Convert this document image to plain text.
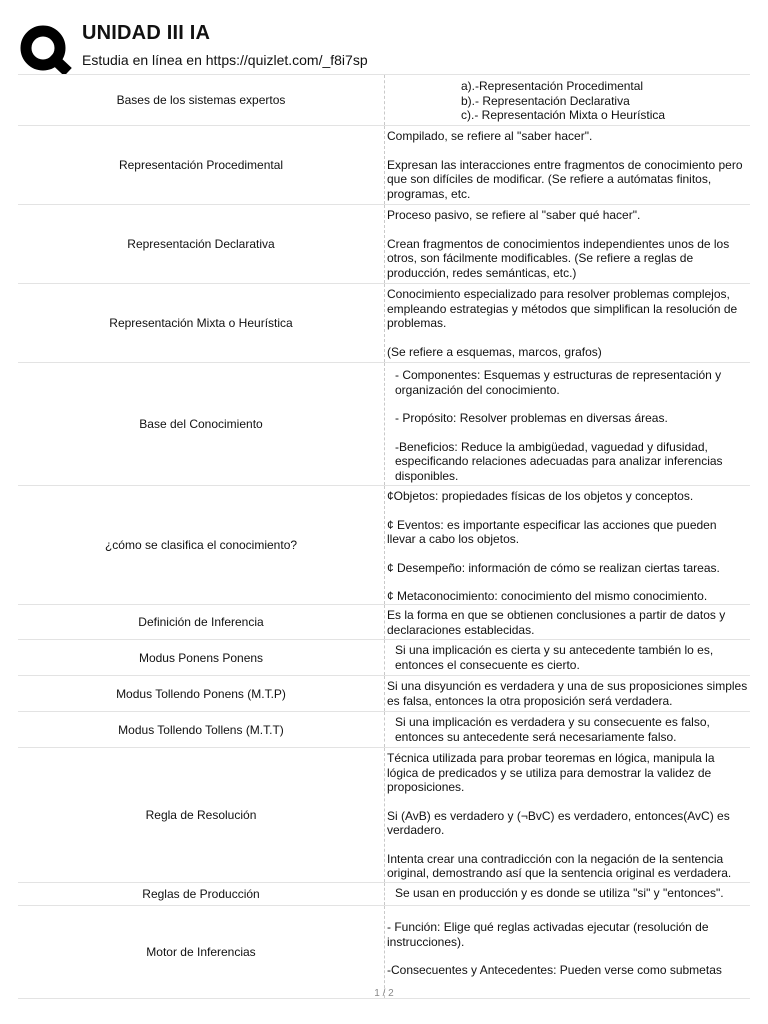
UNIDAD III IA
Estudia en línea en https://quizlet.com/_f8i7sp
Bases de los sistemas expertos

a).-Representación Procedimental
b).- Representación Declarativa
c).- Representación Mixta o Heurística

Representación Procedimental

Compilado, se refiere al "saber hacer".

Expresan las interacciones entre fragmentos de conocimiento pero que son difíciles de modificar. (Se refiere a autómatas finitos, programas, etc.

Representación Declarativa

Proceso pasivo, se refiere al "saber qué hacer".

Crean fragmentos de conocimientos independientes unos de los otros, son fácilmente modificables. (Se refiere a reglas de producción, redes semánticas, etc.)

Representación Mixta o Heurística

Conocimiento especializado para resolver problemas complejos, empleando estrategias y métodos que simplifican la resolución de problemas.

(Se refiere a esquemas, marcos, grafos)

Base del Conocimiento

- Componentes: Esquemas y estructuras de representación y organización del conocimiento.

- Propósito: Resolver problemas en diversas áreas.

-Beneficios: Reduce la ambigüedad, vaguedad y difusidad, especificando relaciones adecuadas para analizar inferencias disponibles.

¿cómo se clasifica el conocimiento?

¢Objetos: propiedades físicas de los objetos y conceptos.

¢ Eventos: es importante especificar las acciones que pueden llevar a cabo los objetos.

¢ Desempeño: información de cómo se realizan ciertas tareas.

¢ Metaconocimiento: conocimiento del mismo conocimiento.

Definición de Inferencia	Es la forma en que se obtienen conclusiones a partir de datos y declaraciones establecidas.

Modus Ponens Ponens

Si una implicación es cierta y su antecedente también lo es, entonces el consecuente es cierto.

Modus Tollendo Ponens (M.T.P)

Si una disyunción es verdadera y una de sus proposiciones simples es falsa, entonces la otra proposición será verdadera.

Modus Tollendo Tollens (M.T.T)

Si una implicación es verdadera y su consecuente es falso, entonces su antecedente será necesariamente falso.

Regla de Resolución

Técnica utilizada para probar teoremas en lógica, manipula la lógica de predicados y se utiliza para demostrar la validez de proposiciones.

Si (AvB) es verdadero y (¬BvC) es verdadero, entonces(AvC) es verdadero.

Intenta crear una contradicción con la negación de la sentencia original, demostrando así que la sentencia original es verdadera.

Reglas de Producción	Se usan en producción y es donde se utiliza "si" y "entonces".

Motor de Inferencias

- Función: Elige qué reglas activadas ejecutar (resolución de instrucciones).

-Consecuentes y Antecedentes: Pueden verse como submetas

1 / 2
